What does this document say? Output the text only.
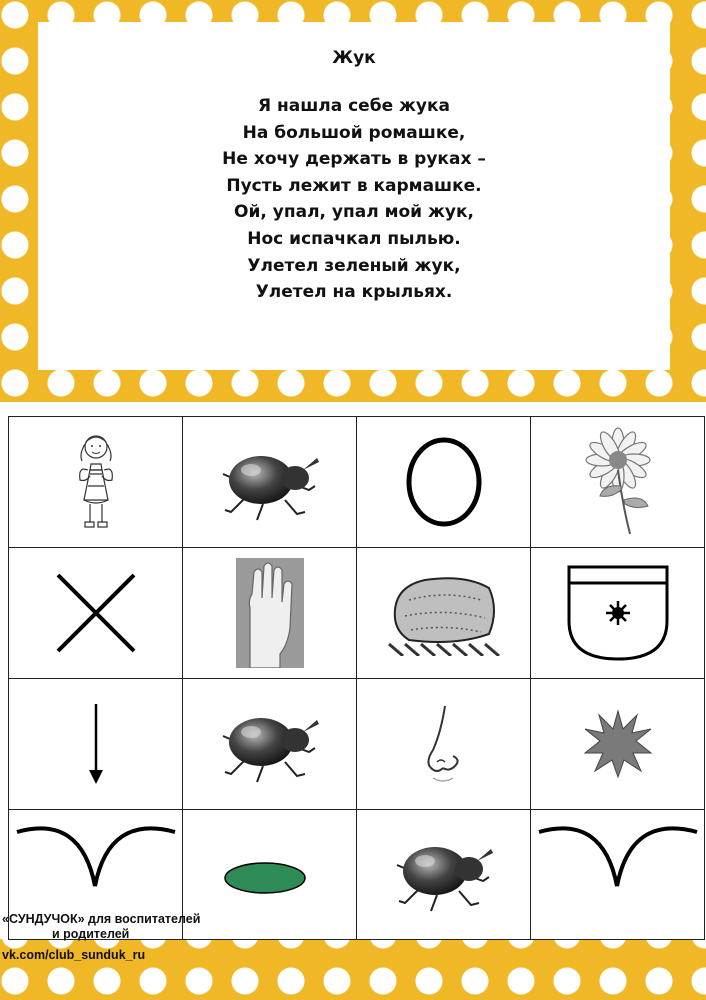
Жук
Я нашла себе жука
На большой ромашке,
Не хочу держать в руках –
Пусть лежит в кармашке.
Ой, упал, упал мой жук,
Нос испачкал пылью.
Улетел зеленый жук,
Улетел на крыльях.

«СУНДУЧОК» для воспитателей
и родителей
vk.com/club_sunduk_ru
